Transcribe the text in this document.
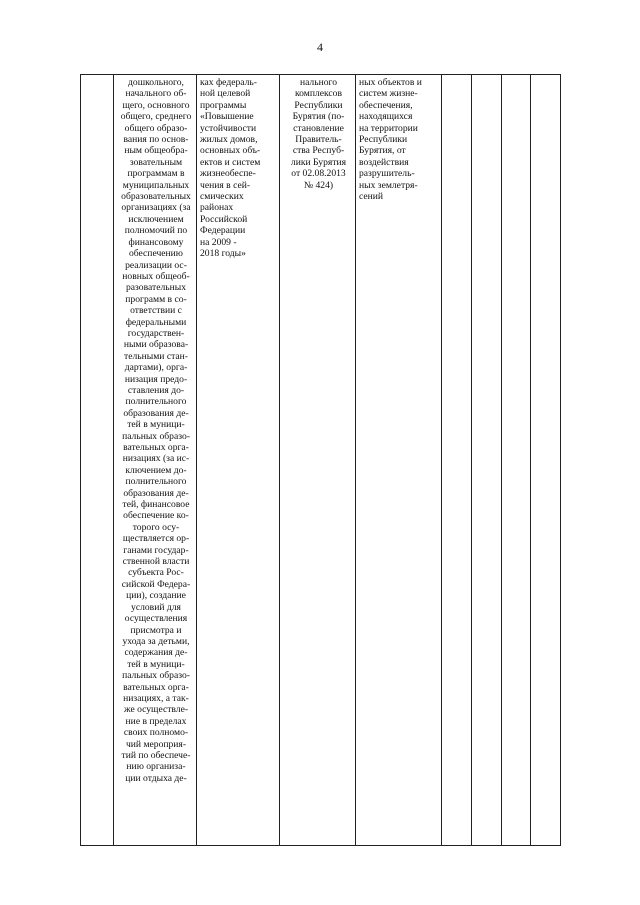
4

дошкольного,
начального об-
щего, основного
общего, среднего
общего образо-
вания по основ-
ным общеобра-
зовательным
программам в
муниципальных
образовательных
организациях (за
исключением
полномочий по
финансовому
обеспечению
реализации ос-
новных общеоб-
разовательных
программ в со-
ответствии с
федеральными
государствен-
ными образова-
тельными стан-
дартами), орга-
низация предо-
ставления до-
полнительного
образования де-
тей в муници-
пальных образо-
вательных орга-
низациях (за ис-
ключением до-
полнительного
образования де-
тей, финансовое
обеспечение ко-
торого осу-
ществляется ор-
ганами государ-
ственной власти
субъекта Рос-
сийской Федера-
ции), создание
условий для
осуществления
присмотра и
ухода за детьми,
содержания де-
тей в муници-
пальных образо-
вательных орга-
низациях, а так-
же осуществле-
ние в пределах
своих полномо-
чий мероприя-
тий по обеспече-
нию организа-
ции отдыха де-

ках федераль-
ной целевой
программы
«Повышение
устойчивости
жилых домов,
основных объ-
ектов и систем
жизнеобеспе-
чения в сей-
смических
районах
Российской
Федерации
на 2009 -
2018 годы»

нального
комплексов
Республики
Бурятия (по-
становление
Правитель-
ства Респуб-
лики Бурятия
от 02.08.2013
№ 424)

ных объектов и
систем жизне-
обеспечения,
находящихся
на территории
Республики
Бурятия, от
воздействия
разрушитель-
ных землетря-
сений
